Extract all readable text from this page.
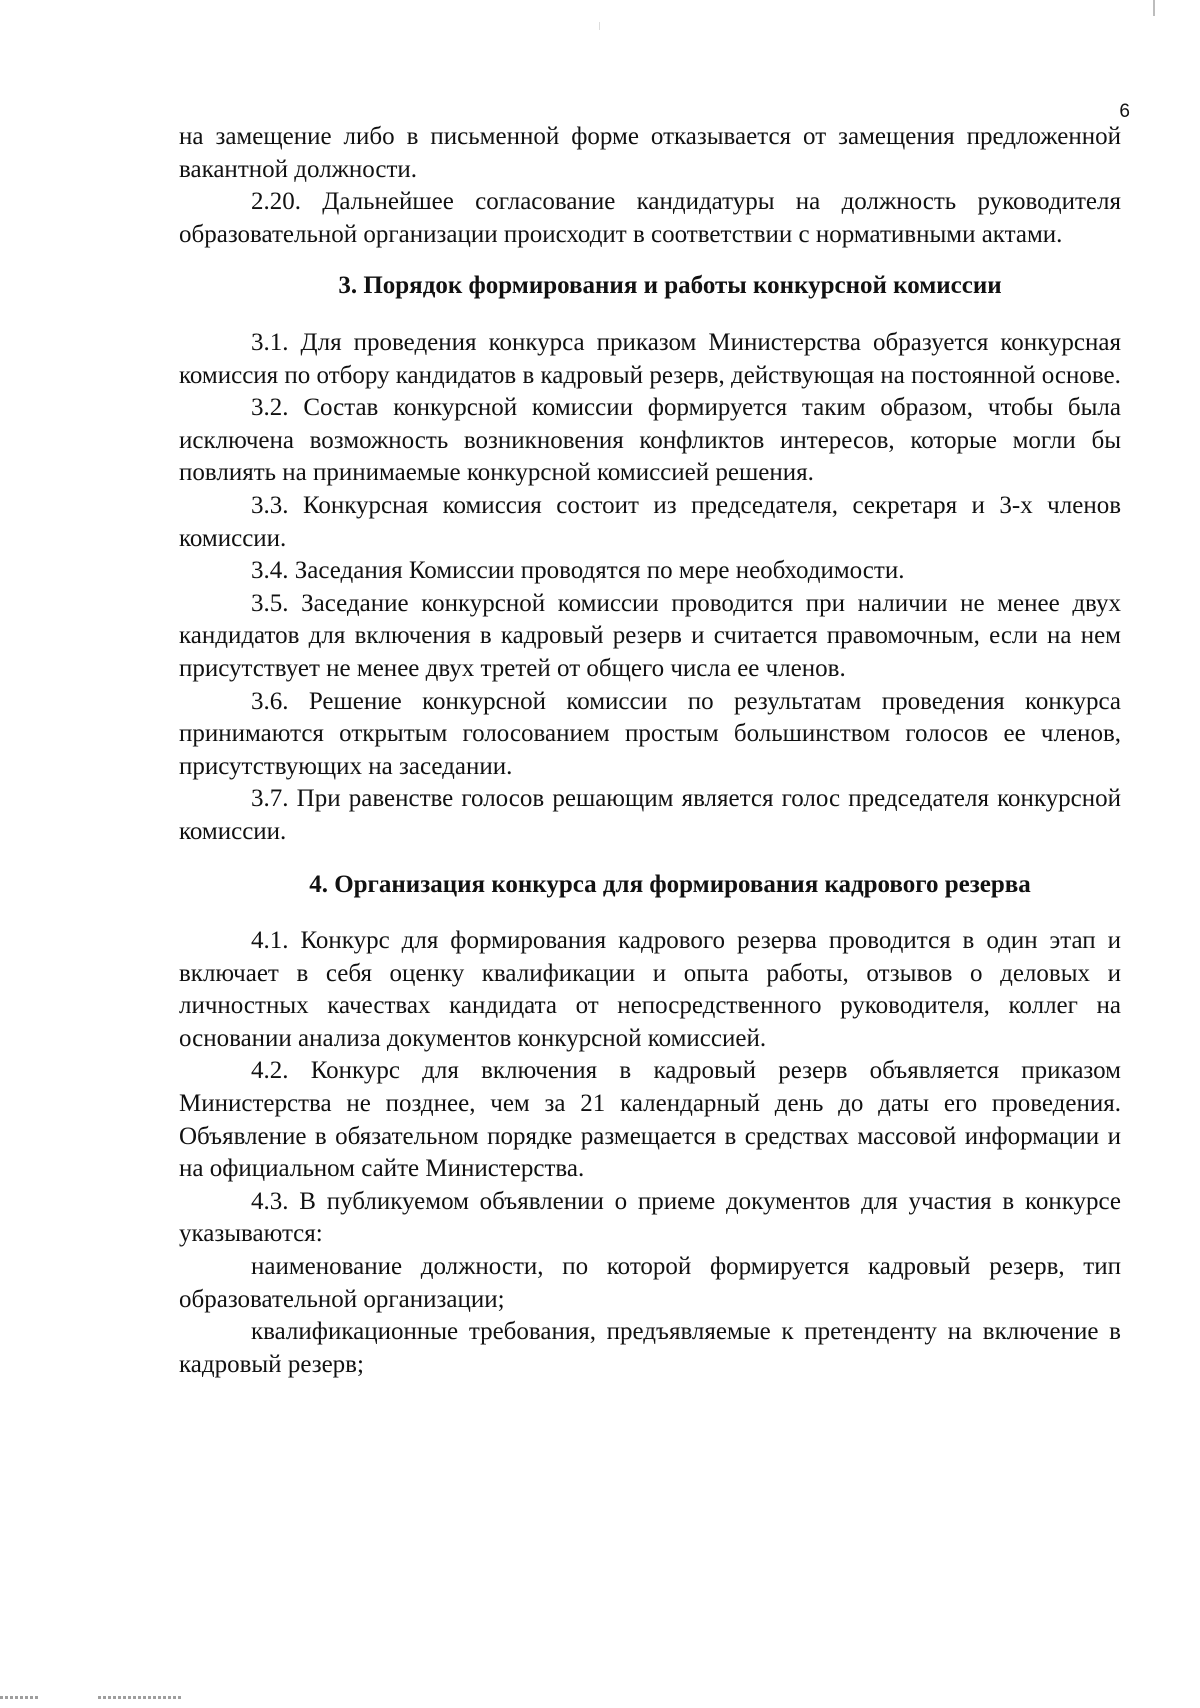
6

на замещение либо в письменной форме отказывается от замещения предложенной вакантной должности.

2.20. Дальнейшее согласование кандидатуры на должность руководителя образовательной организации происходит в соответствии с нормативными актами.

3. Порядок формирования и работы конкурсной комиссии

3.1. Для проведения конкурса приказом Министерства образуется конкурсная комиссия по отбору кандидатов в кадровый резерв, действующая на постоянной основе.

3.2. Состав конкурсной комиссии формируется таким образом, чтобы была исключена возможность возникновения конфликтов интересов, которые могли бы повлиять на принимаемые конкурсной комиссией решения.

3.3. Конкурсная комиссия состоит из председателя, секретаря и 3-х членов комиссии.

3.4. Заседания Комиссии проводятся по мере необходимости.

3.5. Заседание конкурсной комиссии проводится при наличии не менее двух кандидатов для включения в кадровый резерв и считается правомочным, если на нем присутствует не менее двух третей от общего числа ее членов.

3.6. Решение конкурсной комиссии по результатам проведения конкурса принимаются открытым голосованием простым большинством голосов ее членов, присутствующих на заседании.

3.7. При равенстве голосов решающим является голос председателя конкурсной комиссии.

4. Организация конкурса для формирования кадрового резерва

4.1. Конкурс для формирования кадрового резерва проводится в один этап и включает в себя оценку квалификации и опыта работы, отзывов о деловых и личностных качествах кандидата от непосредственного руководителя, коллег на основании анализа документов конкурсной комиссией.

4.2. Конкурс для включения в кадровый резерв объявляется приказом Министерства не позднее, чем за 21 календарный день до даты его проведения. Объявление в обязательном порядке размещается в средствах массовой информации и на официальном сайте Министерства.

4.3. В публикуемом объявлении о приеме документов для участия в конкурсе указываются:

наименование должности, по которой формируется кадровый резерв, тип образовательной организации;

квалификационные требования, предъявляемые к претенденту на включение в кадровый резерв;
